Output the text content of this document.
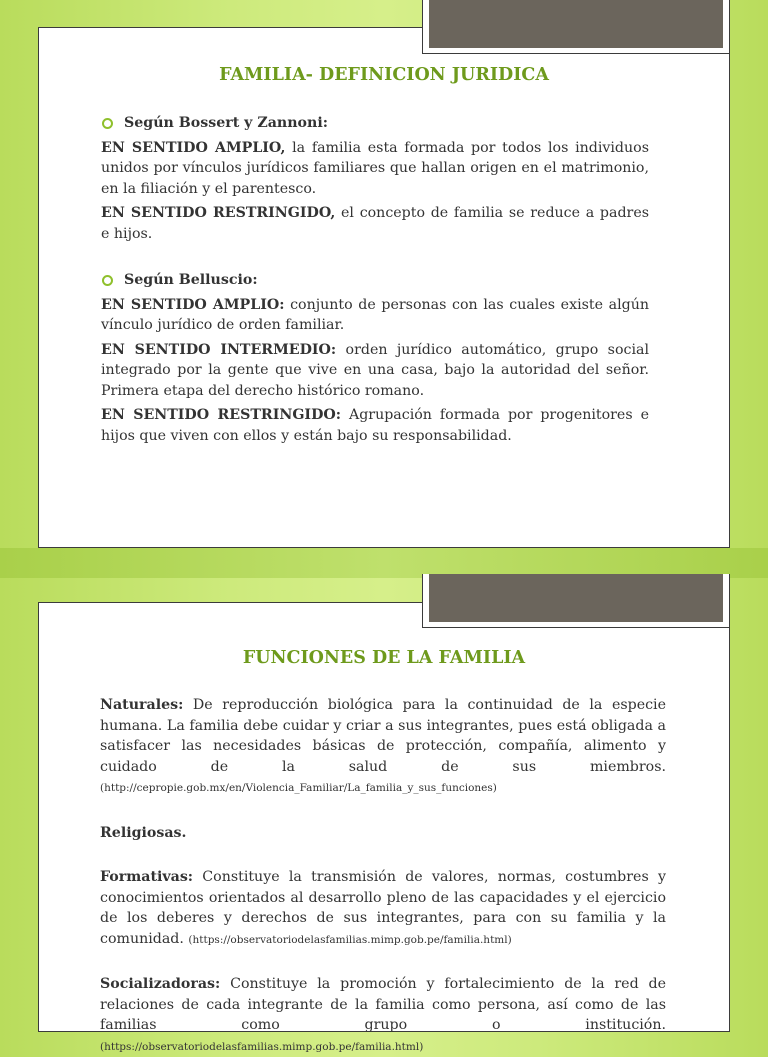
FAMILIA- DEFINICION JURIDICA
Según Bossert y Zannoni:

EN SENTIDO AMPLIO, la familia esta formada por todos los individuos unidos por vínculos jurídicos familiares que hallan origen en el matrimonio, en la filiación y el parentesco.

EN SENTIDO RESTRINGIDO, el concepto de familia se reduce a padres e hijos.

Según Belluscio:

EN SENTIDO AMPLIO: conjunto de personas con las cuales existe algún vínculo jurídico de orden familiar.

EN SENTIDO INTERMEDIO: orden jurídico automático, grupo social integrado por la gente que vive en una casa, bajo la autoridad del señor. Primera etapa del derecho histórico romano.

EN SENTIDO RESTRINGIDO: Agrupación formada por progenitores e hijos que viven con ellos y están bajo su responsabilidad.

FUNCIONES DE LA FAMILIA

Naturales: De reproducción biológica para la continuidad de la especie humana. La familia debe cuidar y criar a sus integrantes, pues está obligada a satisfacer las necesidades básicas de protección, compañía, alimento y cuidado de la salud de sus miembros. (http://cepropie.gob.mx/en/Violencia_Familiar/La_familia_y_sus_funciones)

Religiosas.

Formativas: Constituye la transmisión de valores, normas, costumbres y conocimientos orientados al desarrollo pleno de las capacidades y el ejercicio de los deberes y derechos de sus integrantes, para con su familia y la comunidad. (https://observatoriodelasfamilias.mimp.gob.pe/familia.html)

Socializadoras: Constituye la promoción y fortalecimiento de la red de relaciones de cada integrante de la familia como persona, así como de las familias como grupo o institución. (https://observatoriodelasfamilias.mimp.gob.pe/familia.html)
